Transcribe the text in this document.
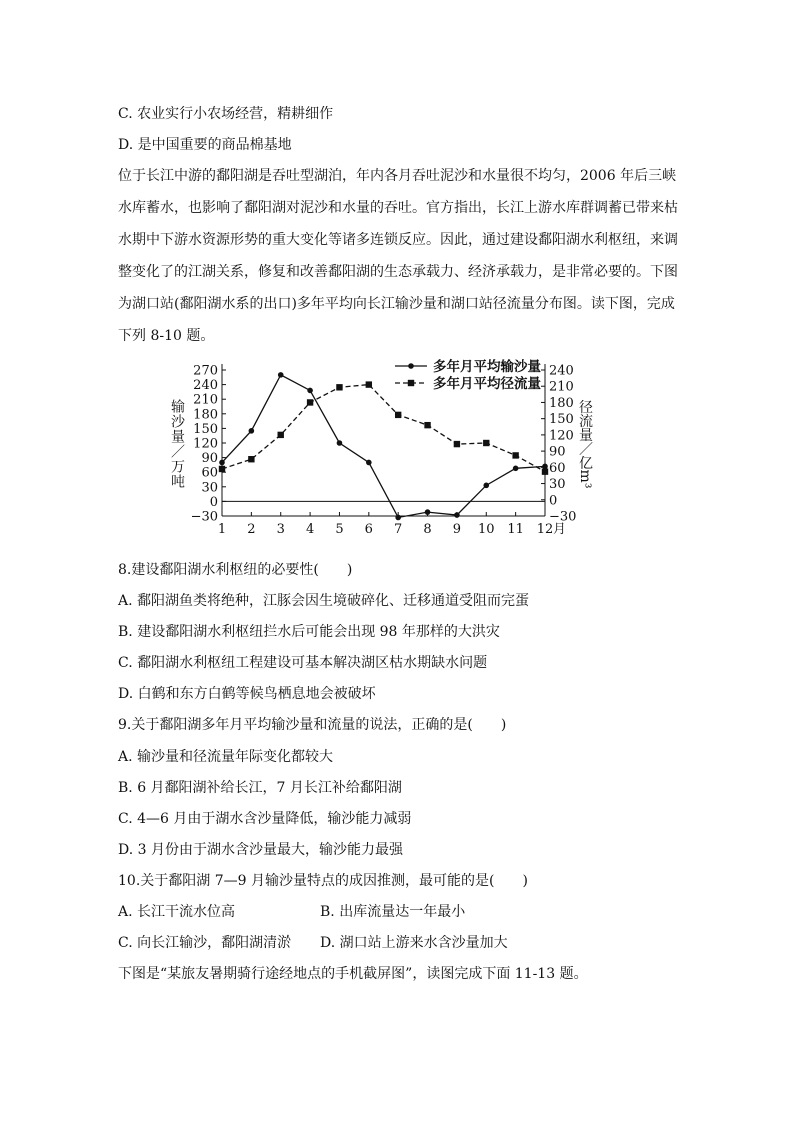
C. 农业实行小农场经营，精耕细作
D. 是中国重要的商品棉基地
位于长江中游的鄱阳湖是吞吐型湖泊，年内各月吞吐泥沙和水量很不均匀，2006 年后三峡
水库蓄水，也影响了鄱阳湖对泥沙和水量的吞吐。官方指出，长江上游水库群调蓄已带来枯
水期中下游水资源形势的重大变化等诸多连锁反应。因此，通过建设鄱阳湖水利枢纽，来调
整变化了的江湖关系，修复和改善鄱阳湖的生态承载力、经济承载力，是非常必要的。下图
为湖口站(鄱阳湖水系的出口)多年平均向长江输沙量和湖口站径流量分布图。读下图，完成
下列 8-10 题。
270
240
210
180
150
120
90
60
30
0
−30
240
210
180
150
120
90
60
30
0
−30
1 2 3 4 5 6 7 8 9 10 11 12 月
输沙量／万吨	径流量／亿m³
多年月平均输沙量
多年月平均径流量
8.建设鄱阳湖水利枢纽的必要性(　　)
A. 鄱阳湖鱼类将绝种，江豚会因生境破碎化、迁移通道受阻而完蛋
B. 建设鄱阳湖水利枢纽拦水后可能会出现 98 年那样的大洪灾
C. 鄱阳湖水利枢纽工程建设可基本解决湖区枯水期缺水问题
D. 白鹤和东方白鹤等候鸟栖息地会被破坏
9.关于鄱阳湖多年月平均输沙量和流量的说法，正确的是(　　)
A. 输沙量和径流量年际变化都较大
B. 6 月鄱阳湖补给长江，7 月长江补给鄱阳湖
C. 4—6 月由于湖水含沙量降低，输沙能力减弱
D. 3 月份由于湖水含沙量最大，输沙能力最强
10.关于鄱阳湖 7—9 月输沙量特点的成因推测，最可能的是(　　)
A. 长江干流水位高	B. 出库流量达一年最小
C. 向长江输沙，鄱阳湖清淤 D. 湖口站上游来水含沙量加大
下图是“某旅友暑期骑行途经地点的手机截屏图”，读图完成下面 11-13 题。
